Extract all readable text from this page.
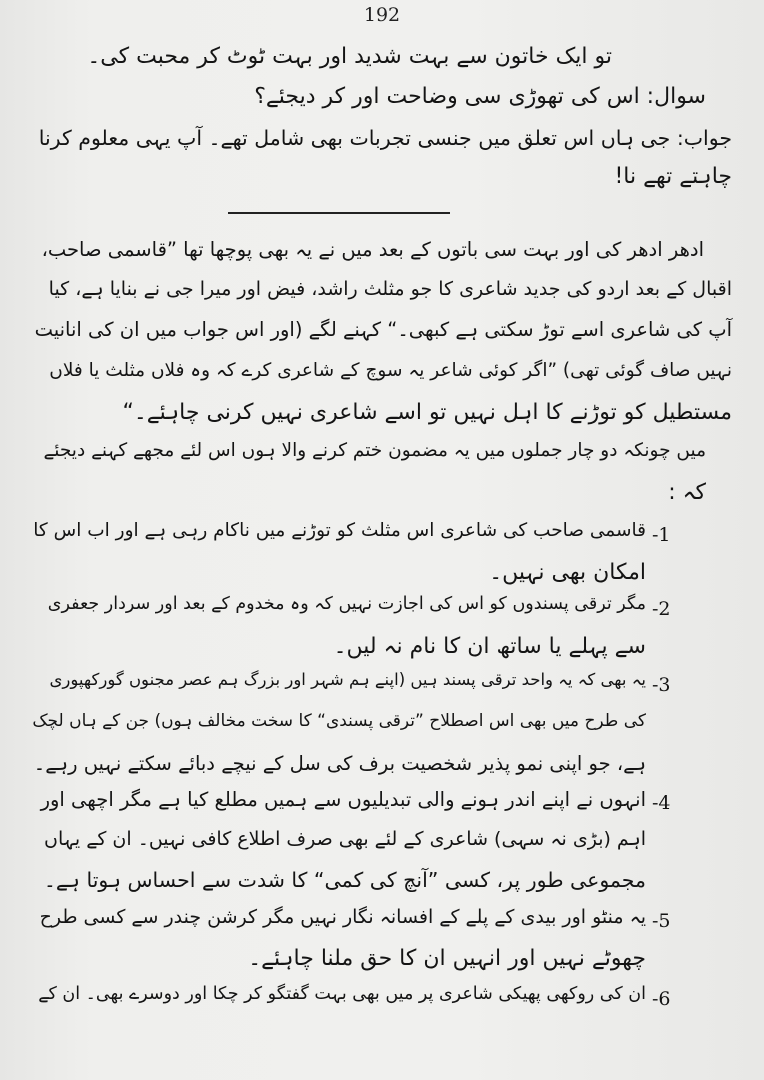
192
تو ایک خاتون سے بہت شدید اور بہت ٹوٹ کر محبت کی۔
سوال: اس کی تھوڑی سی وضاحت اور کر دیجئے؟
جواب: جی ہاں اس تعلق میں جنسی تجربات بھی شامل تھے۔ آپ یہی معلوم کرنا
چاہتے تھے نا!
ادھر ادھر کی اور بہت سی باتوں کے بعد میں نے یہ بھی پوچھا تھا ”قاسمی صاحب،
اقبال کے بعد اردو کی جدید شاعری کا جو مثلث راشد، فیض اور میرا جی نے بنایا ہے، کیا
آپ کی شاعری اسے توڑ سکتی ہے کبھی۔“ کہنے لگے (اور اس جواب میں ان کی انانیت
نہیں صاف گوئی تھی) ”اگر کوئی شاعر یہ سوچ کے شاعری کرے کہ وہ فلاں مثلث یا فلاں
مستطیل کو توڑنے کا اہل نہیں تو اسے شاعری نہیں کرنی چاہئے۔“
میں چونکہ دو چار جملوں میں یہ مضمون ختم کرنے والا ہوں اس لئے مجھے کہنے دیجئے
کہ :
-1
قاسمی صاحب کی شاعری اس مثلث کو توڑنے میں ناکام رہی ہے اور اب اس کا
امکان بھی نہیں۔
-2
مگر ترقی پسندوں کو اس کی اجازت نہیں کہ وہ مخدوم کے بعد اور سردار جعفری
سے پہلے یا ساتھ ان کا نام نہ لیں۔
-3
یہ بھی کہ یہ واحد ترقی پسند ہیں (اپنے ہم شہر اور بزرگ ہم عصر مجنوں گورکھپوری
کی طرح میں بھی اس اصطلاح ”ترقی پسندی“ کا سخت مخالف ہوں) جن کے ہاں لچک
ہے، جو اپنی نمو پذیر شخصیت برف کی سل کے نیچے دبائے سکتے نہیں رہے۔
-4
انہوں نے اپنے اندر ہونے والی تبدیلیوں سے ہمیں مطلع کیا ہے مگر اچھی اور
اہم (بڑی نہ سہی) شاعری کے لئے بھی صرف اطلاع کافی نہیں۔ ان کے یہاں
مجموعی طور پر، کسی ”آنچ کی کمی“ کا شدت سے احساس ہوتا ہے۔
-5
یہ منٹو اور بیدی کے پلے کے افسانہ نگار نہیں مگر کرشن چندر سے کسی طرح
چھوٹے نہیں اور انہیں ان کا حق ملنا چاہئے۔
-6
ان کی روکھی پھیکی شاعری پر میں بھی بہت گفتگو کر چکا اور دوسرے بھی۔ ان کے
